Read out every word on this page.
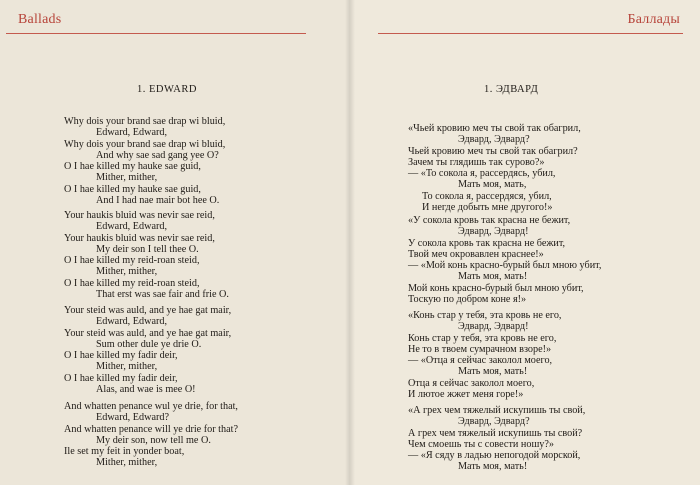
Ballads
1. EDWARD
Why dois your brand sae drap wi bluid,
Edward, Edward,
Why dois your brand sae drap wi bluid,
And why sae sad gang yee O?
O I hae killed my hauke sae guid,
Mither, mither,
O I hae killed my hauke sae guid,
And I had nae mair bot hee O.
Your haukis bluid was nevir sae reid,
Edward, Edward,
Your haukis bluid was nevir sae reid,
My deir son I tell thee O.
O I hae killed my reid-roan steid,
Mither, mither,
O I hae killed my reid-roan steid,
That erst was sae fair and frie O.
Your steid was auld, and ye hae gat mair,
Edward, Edward,
Your steid was auld, and ye hae gat mair,
Sum other dule ye drie O.
O I hae killed my fadir deir,
Mither, mither,
O I hae killed my fadir deir,
Alas, and wae is mee O!
And whatten penance wul ye drie, for that,
Edward, Edward?
And whatten penance will ye drie for that?
My deir son, now tell me O.
Ile set my feit in yonder boat,
Mither, mither,
Баллады
1. ЭДВАРД
«Чьей кровию меч ты свой так обагрил,
Эдвард, Эдвард?
Чьей кровию меч ты свой так обагрил?
Зачем ты глядишь так сурово?»
— «То сокола я, рассердясь, убил,
Мать моя, мать,
То сокола я, рассердяся, убил,
И негде добыть мне другого!»
«У сокола кровь так красна не бежит,
Эдвард, Эдвард!
У сокола кровь так красна не бежит,
Твой меч окровавлен краснее!»
— «Мой конь красно-бурый был мною убит,
Мать моя, мать!
Мой конь красно-бурый был мною убит,
Тоскую по добром коне я!»
«Конь стар у тебя, эта кровь не его,
Эдвард, Эдвард!
Конь стар у тебя, эта кровь не его,
Не то в твоем сумрачном взоре!»
— «Отца я сейчас заколол моего,
Мать моя, мать!
Отца я сейчас заколол моего,
И лютое жжет меня горе!»
«А грех чем тяжелый искупишь ты свой,
Эдвард, Эдвард?
А грех чем тяжелый искупишь ты свой?
Чем смоешь ты с совести ношу?»
— «Я сяду в ладью непогодой морской,
Мать моя, мать!
